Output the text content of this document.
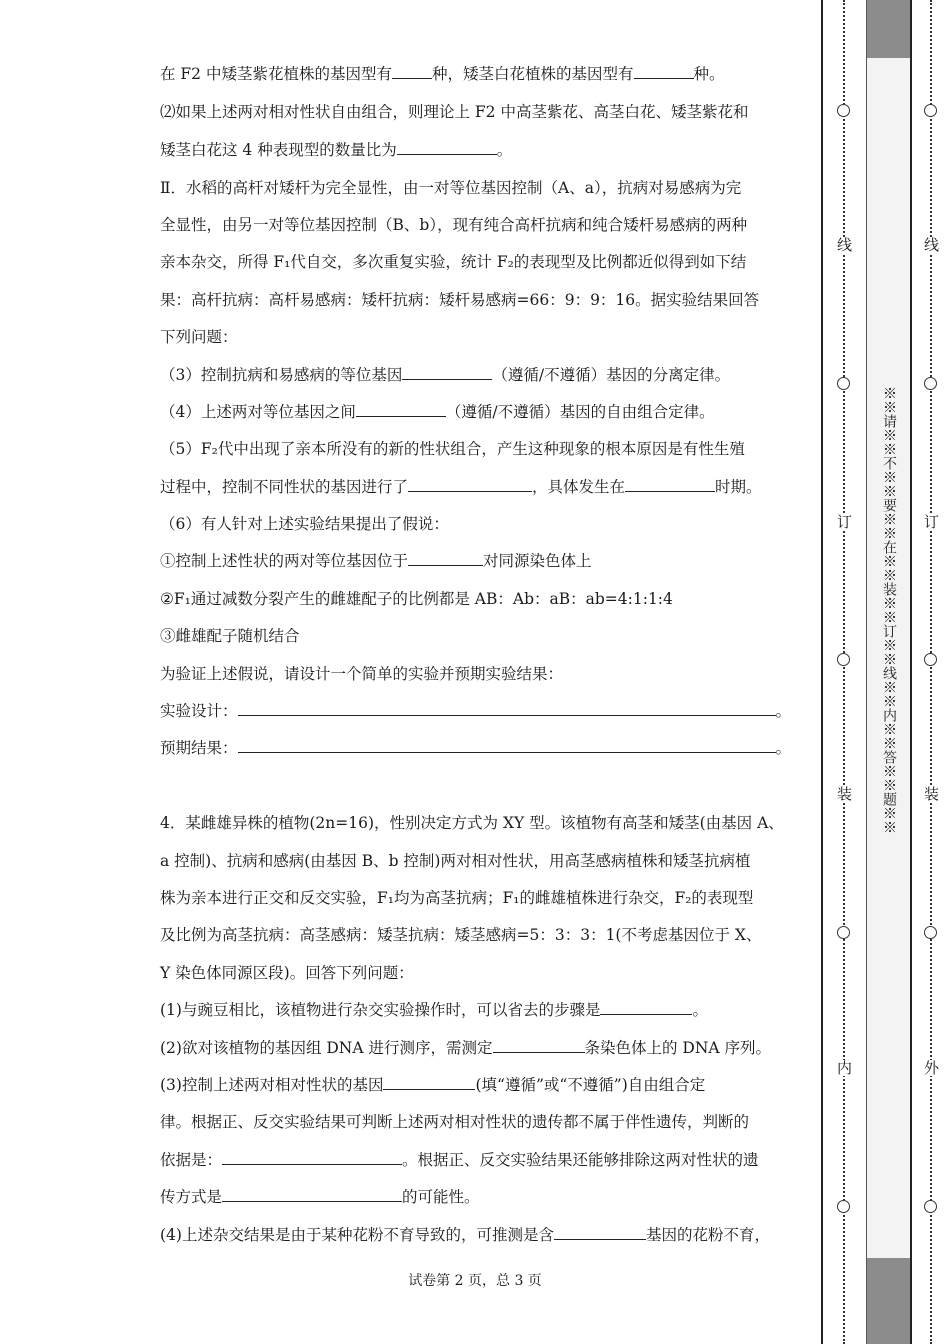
在 F2 中矮茎紫花植株的基因型有	种，矮茎白花植株的基因型有	种。
⑵如果上述两对相对性状自由组合，则理论上 F2 中高茎紫花、高茎白花、矮茎紫花和
矮茎白花这 4 种表现型的数量比为	。
Ⅱ．水稻的高杆对矮杆为完全显性，由一对等位基因控制（A、a），抗病对易感病为完
全显性，由另一对等位基因控制（B、b），现有纯合高杆抗病和纯合矮杆易感病的两种
亲本杂交，所得 F₁代自交，多次重复实验，统计 F₂的表现型及比例都近似得到如下结
果：高杆抗病：高杆易感病：矮杆抗病：矮杆易感病=66：9：9：16。据实验结果回答
下列问题：
（3）控制抗病和易感病的等位基因	（遵循/不遵循）基因的分离定律。
（4）上述两对等位基因之间	（遵循/不遵循）基因的自由组合定律。
（5）F₂代中出现了亲本所没有的新的性状组合，产生这种现象的根本原因是有性生殖
过程中，控制不同性状的基因进行了	，具体发生在	时期。
（6）有人针对上述实验结果提出了假说：
①控制上述性状的两对等位基因位于	对同源染色体上
②F₁通过减数分裂产生的雌雄配子的比例都是 AB：Ab：aB：ab=4:1:1:4
③雌雄配子随机结合
为验证上述假说，请设计一个简单的实验并预期实验结果：
实验设计：	。
预期结果：	。
4．某雌雄异株的植物(2n=16)，性别决定方式为 XY 型。该植物有高茎和矮茎(由基因 A、
a 控制)、抗病和感病(由基因 B、b 控制)两对相对性状，用高茎感病植株和矮茎抗病植
株为亲本进行正交和反交实验，F₁均为高茎抗病；F₁的雌雄植株进行杂交，F₂的表现型
及比例为高茎抗病：高茎感病：矮茎抗病：矮茎感病=5：3：3：1(不考虑基因位于 X、
Y 染色体同源区段)。回答下列问题：
(1)与豌豆相比，该植物进行杂交实验操作时，可以省去的步骤是	。
(2)欲对该植物的基因组 DNA 进行测序，需测定	条染色体上的 DNA 序列。
(3)控制上述两对相对性状的基因	(填“遵循”或“不遵循”)自由组合定
律。根据正、反交实验结果可判断上述两对相对性状的遗传都不属于伴性遗传，判断的
依据是：	。根据正、反交实验结果还能够排除这两对性状的遗
传方式是	的可能性。
(4)上述杂交结果是由于某种花粉不育导致的，可推测是含	基因的花粉不育，
试卷第 2 页，总 3 页
线
订
装
内
线
订
装
外
※※请※※不※※要※※在※※装※※订※※线※※内※※答※※题※※
